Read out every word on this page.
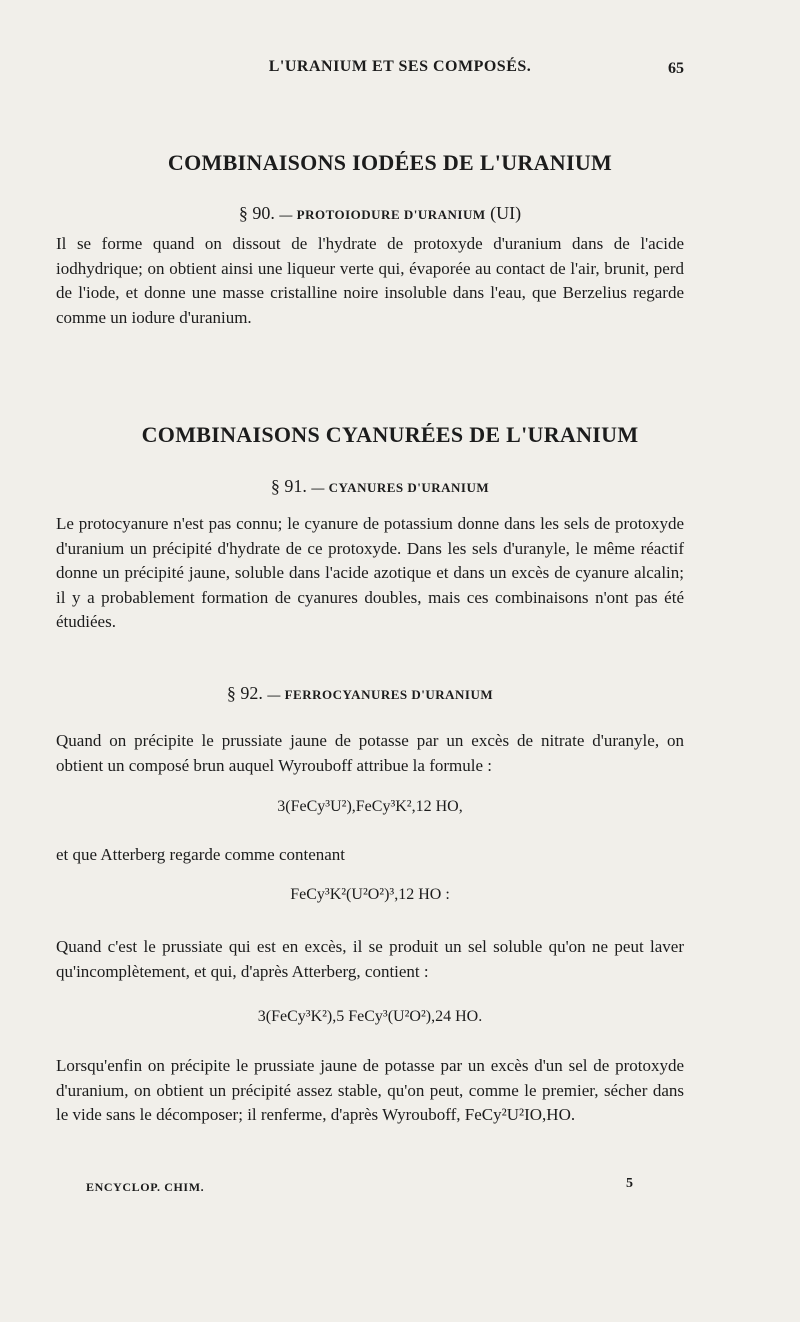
L'URANIUM ET SES COMPOSÉS.	65
COMBINAISONS IODÉES DE L'URANIUM
§ 90. — PROTOIODURE D'URANIUM (UI)

Il se forme quand on dissout de l'hydrate de protoxyde d'uranium dans de l'acide iodhydrique; on obtient ainsi une liqueur verte qui, évaporée au contact de l'air, brunit, perd de l'iode, et donne une masse cristalline noire insoluble dans l'eau, que Berzelius regarde comme un iodure d'uranium.

COMBINAISONS CYANURÉES DE L'URANIUM
§ 91. — CYANURES D'URANIUM

Le protocyanure n'est pas connu; le cyanure de potassium donne dans les sels de protoxyde d'uranium un précipité d'hydrate de ce protoxyde. Dans les sels d'uranyle, le même réactif donne un précipité jaune, soluble dans l'acide azotique et dans un excès de cyanure alcalin; il y a probablement formation de cyanures doubles, mais ces combinaisons n'ont pas été étudiées.

§ 92. — FERROCYANURES D'URANIUM

Quand on précipite le prussiate jaune de potasse par un excès de nitrate d'uranyle, on obtient un composé brun auquel Wyrouboff attribue la formule :

3(FeCy³U²),FeCy³K²,12 HO,

et que Atterberg regarde comme contenant

FeCy³K²(U²O²)³,12 HO :

Quand c'est le prussiate qui est en excès, il se produit un sel soluble qu'on ne peut laver qu'incomplètement, et qui, d'après Atterberg, contient :

3(FeCy³K²),5 FeCy³(U²O²),24 HO.

Lorsqu'enfin on précipite le prussiate jaune de potasse par un excès d'un sel de protoxyde d'uranium, on obtient un précipité assez stable, qu'on peut, comme le premier, sécher dans le vide sans le décomposer; il renferme, d'après Wyrouboff, FeCy²U²IO,HO.

ENCYCLOP. CHIM.	5
